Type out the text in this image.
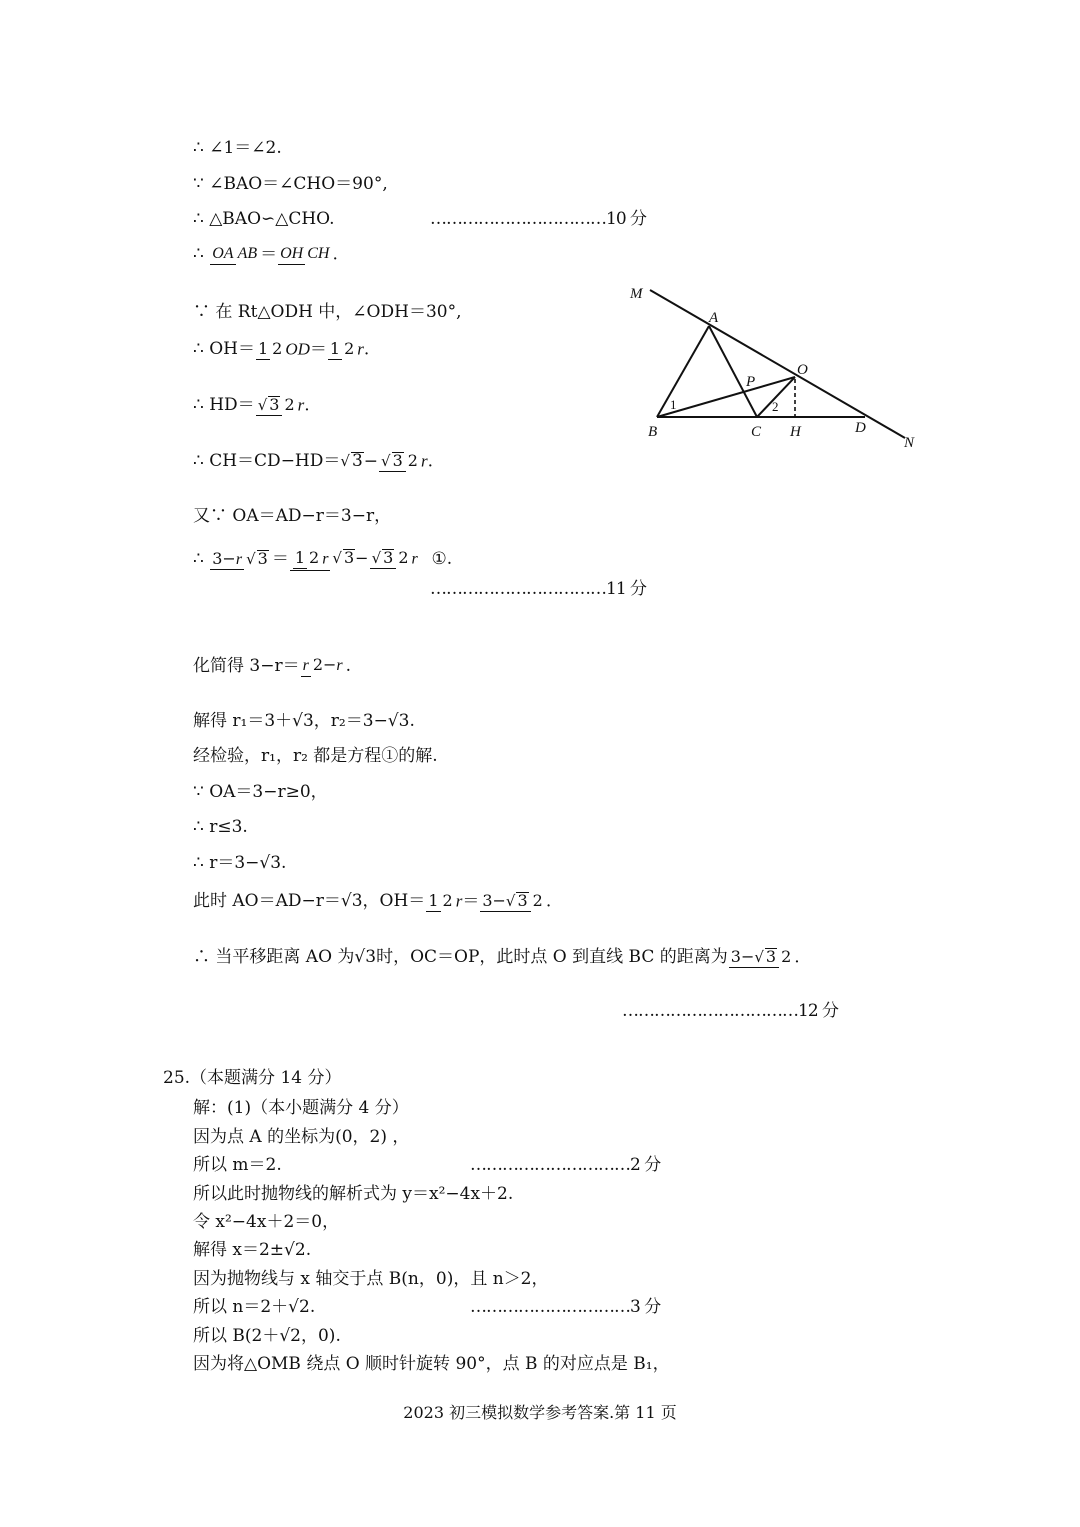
∴ ∠1＝∠2.
∵ ∠BAO＝∠CHO＝90°,
∴ △BAO∽△CHO.	……………………………10 分
∴ OA AB ＝ OH CH .
∵ 在 Rt△ODH 中，∠ODH＝30°,
∴ OH＝ 1 2 OD＝ 1 2 r.
∴ HD＝ √ 3 2 r.
∴ CH＝CD−HD＝√ 3− √ 3 2 r.
又∵ OA＝AD−r＝3−r，
∴ 3−r √ 3 ＝ 1 2 r √ 3− √ 3 2 r  ①.
……………………………11 分
化简得 3−r＝ r 2−r .
解得 r₁＝3＋√3，r₂＝3−√3.
经检验，r₁，r₂ 都是方程①的解.
∵ OA＝3−r≥0，
∴ r≤3.
∴ r＝3−√3.
此时 AO＝AD−r＝√3，OH＝ 1 2 r＝ 3−√ 3 2 .
∴ 当平移距离 AO 为√3时，OC＝OP，此时点 O 到直线 BC 的距离为 3−√ 3 2 .
……………………………12 分
25.（本题满分 14 分）
解：(1)（本小题满分 4 分）
因为点 A 的坐标为(0，2) ，
所以 m＝2.	…………………………2 分
所以此时抛物线的解析式为 y＝x²−4x＋2.
令 x²−4x＋2＝0，
解得 x＝2±√2.
因为抛物线与 x 轴交于点 B(n，0)，且 n＞2，
所以 n＝2＋√2.	…………………………3 分
所以 B(2＋√2，0).
因为将△OMB 绕点 O 顺时针旋转 90°，点 B 的对应点是 B₁，
M
A
O
P
1	2
B	C H	D
N
2023 初三模拟数学参考答案.第 11 页
